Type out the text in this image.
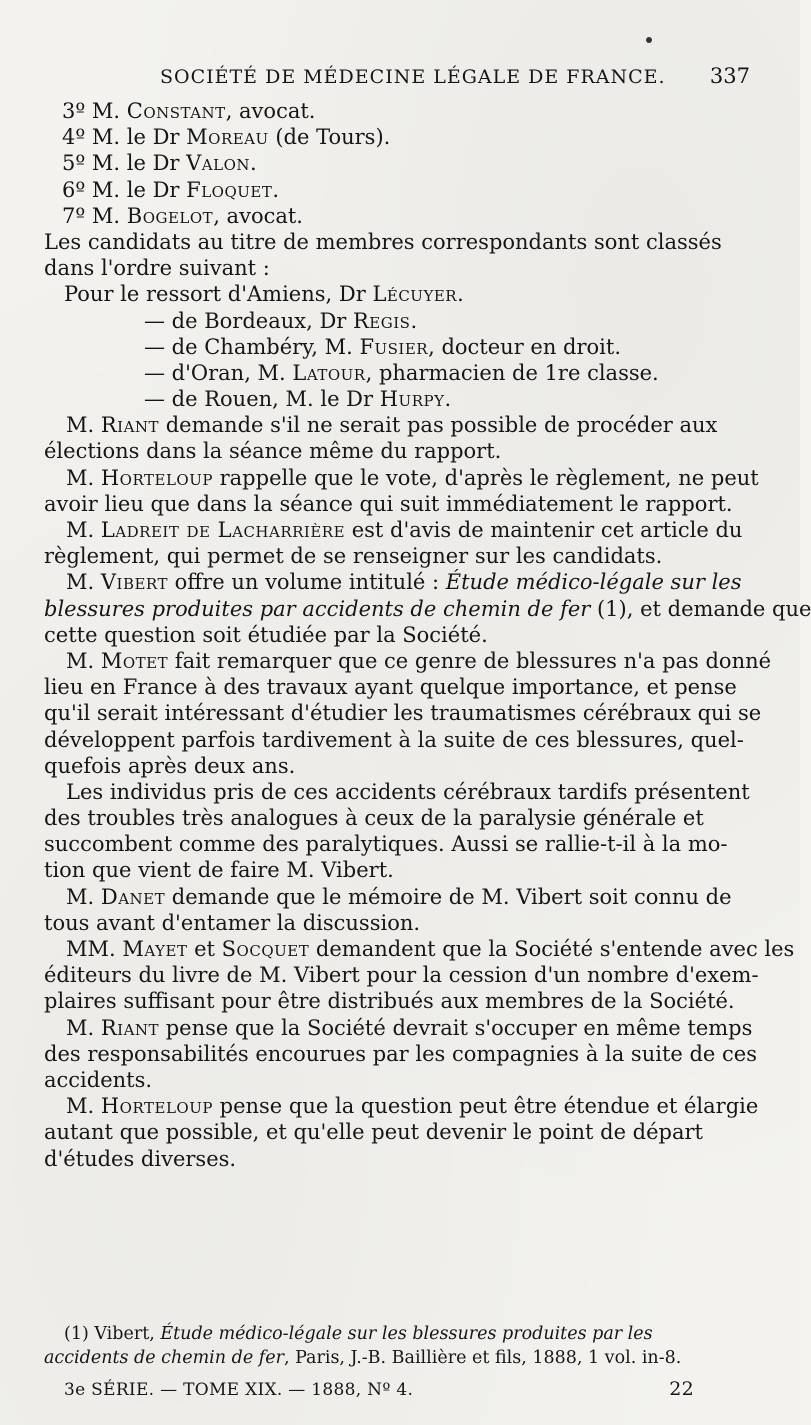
SOCIÉTÉ DE MÉDECINE LÉGALE DE FRANCE. 337

3º M. Constant, avocat.

4º M. le Dr Moreau (de Tours).

5º M. le Dr Valon.

6º M. le Dr Floquet.

7º M. Bogelot, avocat.

Les candidats au titre de membres correspondants sont classés

dans l'ordre suivant :

Pour le ressort d'Amiens, Dr Lécuyer.

— de Bordeaux, Dr Regis.

— de Chambéry, M. Fusier, docteur en droit.

— d'Oran, M. Latour, pharmacien de 1re classe.

— de Rouen, M. le Dr Hurpy.

M. Riant demande s'il ne serait pas possible de procéder aux

élections dans la séance même du rapport.

M. Horteloup rappelle que le vote, d'après le règlement, ne peut

avoir lieu que dans la séance qui suit immédiatement le rapport.

M. Ladreit de Lacharrière est d'avis de maintenir cet article du

règlement, qui permet de se renseigner sur les candidats.

M. Vibert offre un volume intitulé : Étude médico-légale sur les

blessures produites par accidents de chemin de fer (1), et demande que

cette question soit étudiée par la Société.

M. Motet fait remarquer que ce genre de blessures n'a pas donné

lieu en France à des travaux ayant quelque importance, et pense

qu'il serait intéressant d'étudier les traumatismes cérébraux qui se

développent parfois tardivement à la suite de ces blessures, quel-

quefois après deux ans.

Les individus pris de ces accidents cérébraux tardifs présentent

des troubles très analogues à ceux de la paralysie générale et

succombent comme des paralytiques. Aussi se rallie-t-il à la mo-

tion que vient de faire M. Vibert.

M. Danet demande que le mémoire de M. Vibert soit connu de

tous avant d'entamer la discussion.

MM. Mayet et Socquet demandent que la Société s'entende avec les

éditeurs du livre de M. Vibert pour la cession d'un nombre d'exem-

plaires suffisant pour être distribués aux membres de la Société.

M. Riant pense que la Société devrait s'occuper en même temps

des responsabilités encourues par les compagnies à la suite de ces

accidents.

M. Horteloup pense que la question peut être étendue et élargie

autant que possible, et qu'elle peut devenir le point de départ

d'études diverses.

(1) Vibert, Étude médico-légale sur les blessures produites par les

accidents de chemin de fer, Paris, J.-B. Baillière et fils, 1888, 1 vol. in-8.

3e SÉRIE. — TOME XIX. — 1888, Nº 4.	22
